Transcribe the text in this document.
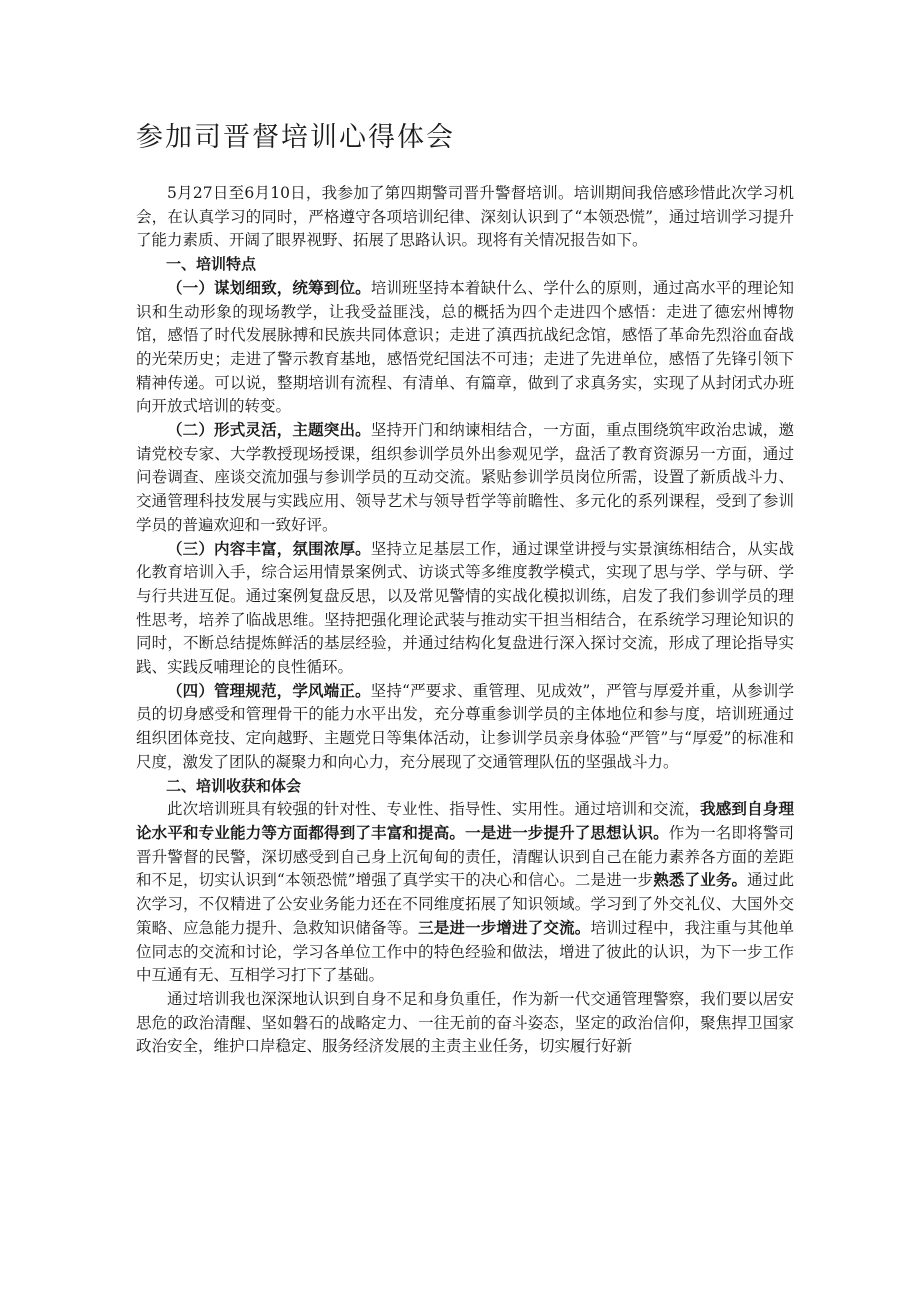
参加司晋督培训心得体会

5月27日至6月10日，我参加了第四期警司晋升警督培训。培训期间我倍感珍惜此次学习机会，在认真学习的同时，严格遵守各项培训纪律、深刻认识到了“本领恐慌”，通过培训学习提升了能力素质、开阔了眼界视野、拓展了思路认识。现将有关情况报告如下。

一、培训特点

（一）谋划细致，统筹到位。培训班坚持本着缺什么、学什么的原则，通过高水平的理论知识和生动形象的现场教学，让我受益匪浅，总的概括为四个走进四个感悟：走进了德宏州博物馆，感悟了时代发展脉搏和民族共同体意识；走进了滇西抗战纪念馆，感悟了革命先烈浴血奋战的光荣历史；走进了警示教育基地，感悟党纪国法不可违；走进了先进单位，感悟了先锋引领下精神传递。可以说，整期培训有流程、有清单、有篇章，做到了求真务实，实现了从封闭式办班向开放式培训的转变。

（二）形式灵活，主题突出。坚持开门和纳谏相结合，一方面，重点围绕筑牢政治忠诚，邀请党校专家、大学教授现场授课，组织参训学员外出参观见学，盘活了教育资源另一方面，通过问卷调查、座谈交流加强与参训学员的互动交流。紧贴参训学员岗位所需，设置了新质战斗力、交通管理科技发展与实践应用、领导艺术与领导哲学等前瞻性、多元化的系列课程，受到了参训学员的普遍欢迎和一致好评。

（三）内容丰富，氛围浓厚。坚持立足基层工作，通过课堂讲授与实景演练相结合，从实战化教育培训入手，综合运用情景案例式、访谈式等多维度教学模式，实现了思与学、学与研、学与行共进互促。通过案例复盘反思，以及常见警情的实战化模拟训练，启发了我们参训学员的理性思考，培养了临战思维。坚持把强化理论武装与推动实干担当相结合，在系统学习理论知识的同时，不断总结提炼鲜活的基层经验，并通过结构化复盘进行深入探讨交流，形成了理论指导实践、实践反哺理论的良性循环。

（四）管理规范，学风端正。坚持“严要求、重管理、见成效”，严管与厚爱并重，从参训学员的切身感受和管理骨干的能力水平出发，充分尊重参训学员的主体地位和参与度，培训班通过组织团体竞技、定向越野、主题党日等集体活动，让参训学员亲身体验“严管”与“厚爱”的标准和尺度，激发了团队的凝聚力和向心力，充分展现了交通管理队伍的坚强战斗力。

二、培训收获和体会

此次培训班具有较强的针对性、专业性、指导性、实用性。通过培训和交流，我感到自身理论水平和专业能力等方面都得到了丰富和提高。一是进一步提升了思想认识。作为一名即将警司晋升警督的民警，深切感受到自己身上沉甸甸的责任，清醒认识到自己在能力素养各方面的差距和不足，切实认识到“本领恐慌”增强了真学实干的决心和信心。二是进一步熟悉了业务。通过此次学习，不仅精进了公安业务能力还在不同维度拓展了知识领域。学习到了外交礼仪、大国外交策略、应急能力提升、急救知识储备等。三是进一步增进了交流。培训过程中，我注重与其他单位同志的交流和讨论，学习各单位工作中的特色经验和做法，增进了彼此的认识，为下一步工作中互通有无、互相学习打下了基础。

通过培训我也深深地认识到自身不足和身负重任，作为新一代交通管理警察，我们要以居安思危的政治清醒、坚如磐石的战略定力、一往无前的奋斗姿态，坚定的政治信仰，聚焦捍卫国家政治安全，维护口岸稳定、服务经济发展的主责主业任务，切实履行好新
